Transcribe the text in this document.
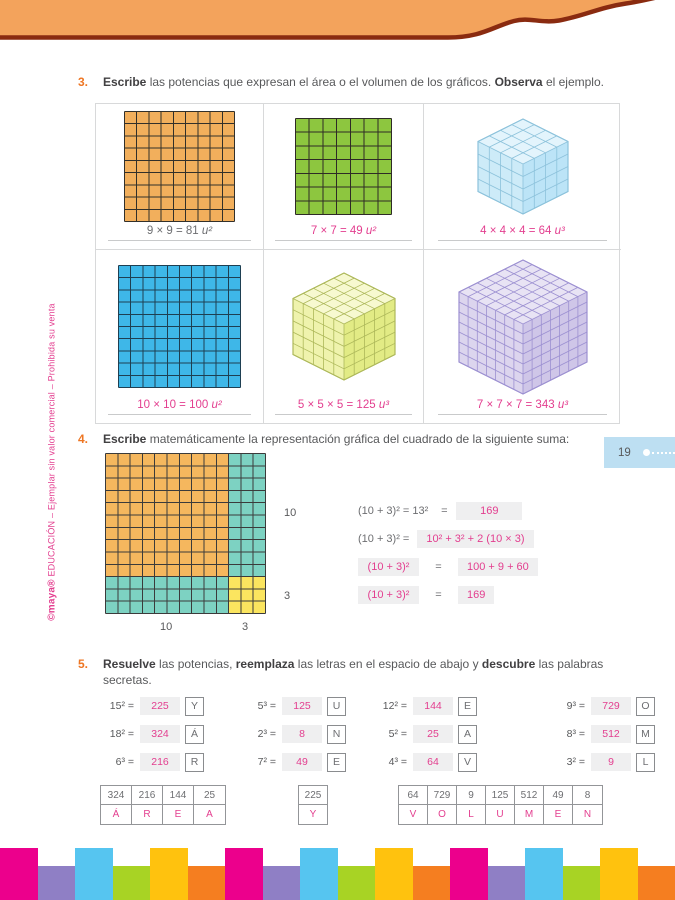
©maya® EDUCACIÓN – Ejemplar sin valor comercial – Prohibida su venta
3.	Escribe las potencias que expresan el área o el volumen de los gráficos. Observa el ejemplo.

9 × 9 = 81 u²	7 × 7 = 49 u²	4 × 4 × 4 = 64 u³
10 × 10 = 100 u²	5 × 5 × 5 = 125 u³	7 × 7 × 7 = 343 u³
4.	Escribe matemáticamente la representación gráfica del cuadrado de la siguiente suma:

10
3
10	3
(10 + 3)² = 13²	=	169
(10 + 3)² =	10² + 3² + 2 (10 × 3)
(10 + 3)²	=	100 + 9 + 60
(10 + 3)²	=	169
19
5.	Resuelve las potencias, reemplaza las letras en el espacio de abajo y descubre las palabras secretas.

15² =	225	Y
18² =	324	Á
6³ =	216	R
5³ =	125	U
2³ =	8	N
7² =	49	E
12² =	144	E
5² =	25	A
4³ =	64	V
9³ =	729	O
8³ =	512	M
3² =	9	L
324	216	144	25
Á	R	E	A
225
Y
64	729	9	125	512	49	8
V	O	L	U	M	E	N
